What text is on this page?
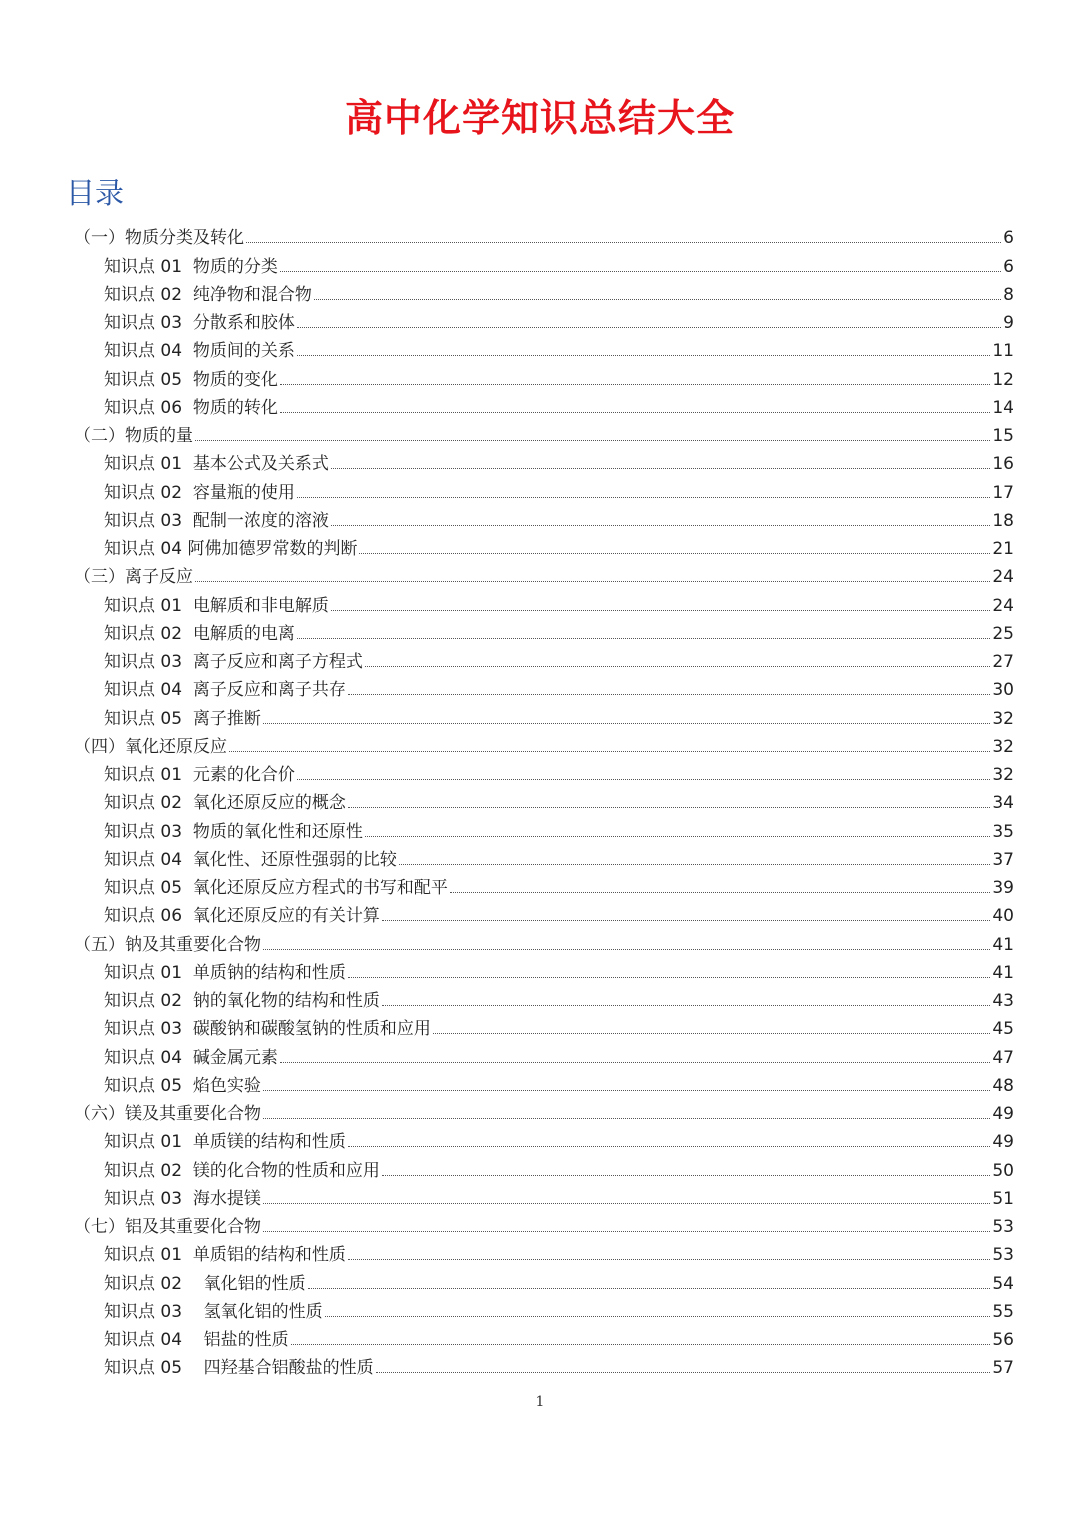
高中化学知识总结大全
目录
（一）物质分类及转化	6
知识点 01  物质的分类	6
知识点 02  纯净物和混合物	8
知识点 03  分散系和胶体	9
知识点 04  物质间的关系	11
知识点 05  物质的变化	12
知识点 06  物质的转化	14
（二）物质的量	15
知识点 01  基本公式及关系式	16
知识点 02  容量瓶的使用	17
知识点 03  配制一浓度的溶液	18
知识点 04 阿佛加德罗常数的判断	21
（三）离子反应	24
知识点 01  电解质和非电解质	24
知识点 02  电解质的电离	25
知识点 03  离子反应和离子方程式	27
知识点 04  离子反应和离子共存	30
知识点 05  离子推断	32
（四）氧化还原反应	32
知识点 01  元素的化合价	32
知识点 02  氧化还原反应的概念	34
知识点 03  物质的氧化性和还原性	35
知识点 04  氧化性、还原性强弱的比较	37
知识点 05  氧化还原反应方程式的书写和配平	39
知识点 06  氧化还原反应的有关计算	40
（五）钠及其重要化合物	41
知识点 01  单质钠的结构和性质	41
知识点 02  钠的氧化物的结构和性质	43
知识点 03  碳酸钠和碳酸氢钠的性质和应用	45
知识点 04  碱金属元素	47
知识点 05  焰色实验	48
（六）镁及其重要化合物	49
知识点 01  单质镁的结构和性质	49
知识点 02  镁的化合物的性质和应用	50
知识点 03  海水提镁	51
（七）铝及其重要化合物	53
知识点 01  单质铝的结构和性质	53
知识点 02    氧化铝的性质	54
知识点 03    氢氧化铝的性质	55
知识点 04    铝盐的性质	56
知识点 05    四羟基合铝酸盐的性质	57
1
